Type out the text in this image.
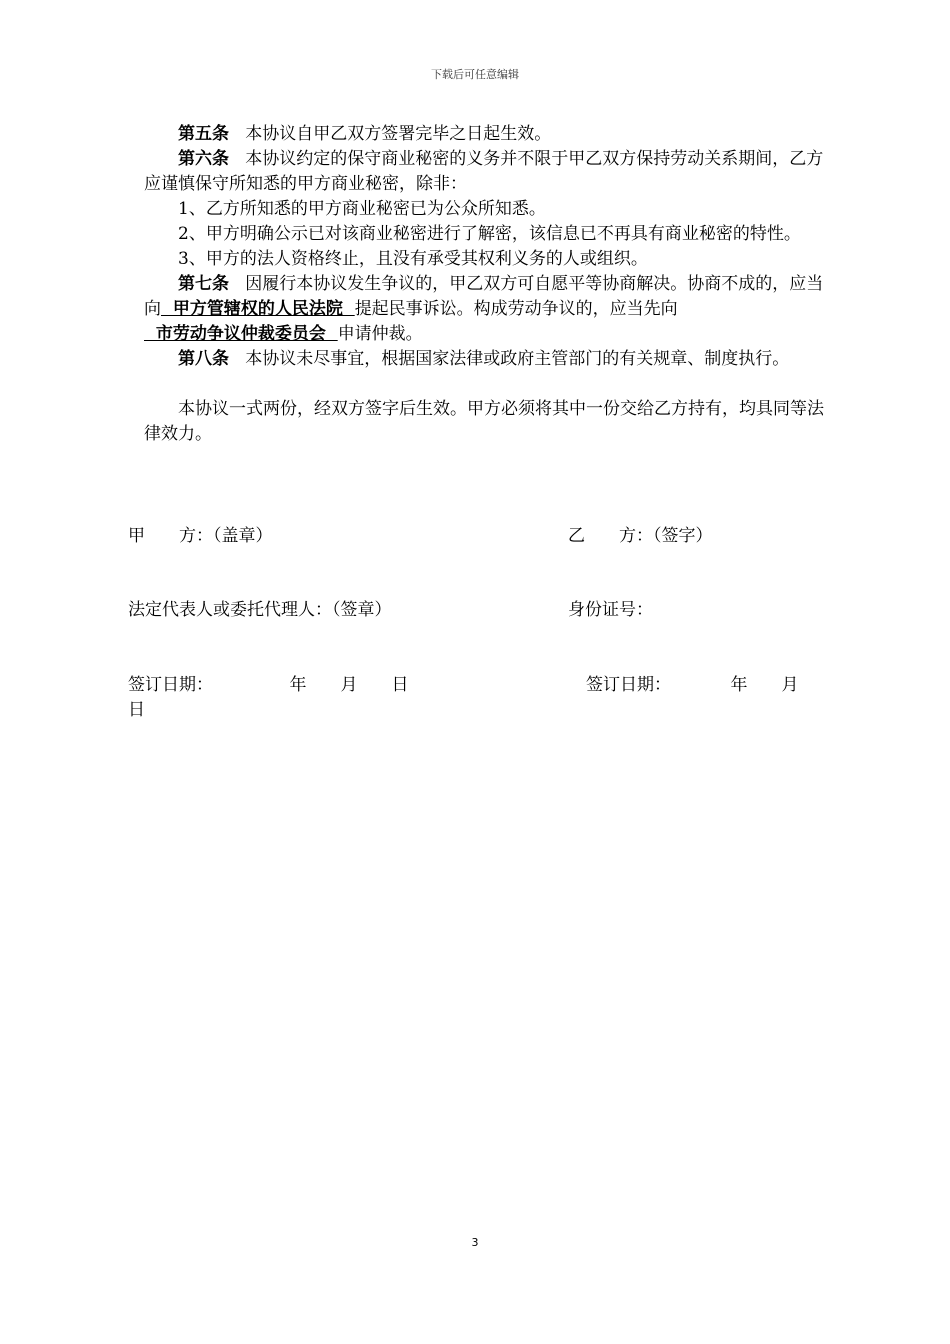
下载后可任意编辑

第五条 本协议自甲乙双方签署完毕之日起生效。

第六条 本协议约定的保守商业秘密的义务并不限于甲乙双方保持劳动关系期间，乙方应谨慎保守所知悉的甲方商业秘密，除非：

1、乙方所知悉的甲方商业秘密已为公众所知悉。

2、甲方明确公示已对该商业秘密进行了解密，该信息已不再具有商业秘密的特性。

3、甲方的法人资格终止，且没有承受其权利义务的人或组织。

第七条 因履行本协议发生争议的，甲乙双方可自愿平等协商解决。协商不成的，应当向  甲方管辖权的人民法院  提起民事诉讼。构成劳动争议的，应当先向  市劳动争议仲裁委员会  申请仲裁。

第八条 本协议未尽事宜，根据国家法律或政府主管部门的有关规章、制度执行。

本协议一式两份，经双方签字后生效。甲方必须将其中一份交给乙方持有，均具同等法律效力。

甲　　方：（盖章）	乙　　方：（签字）
法定代表人或委托代理人：（签章）	身份证号：
签订日期：　　　　　年　　月　　日	签订日期：　　　　年　　月
日
3
